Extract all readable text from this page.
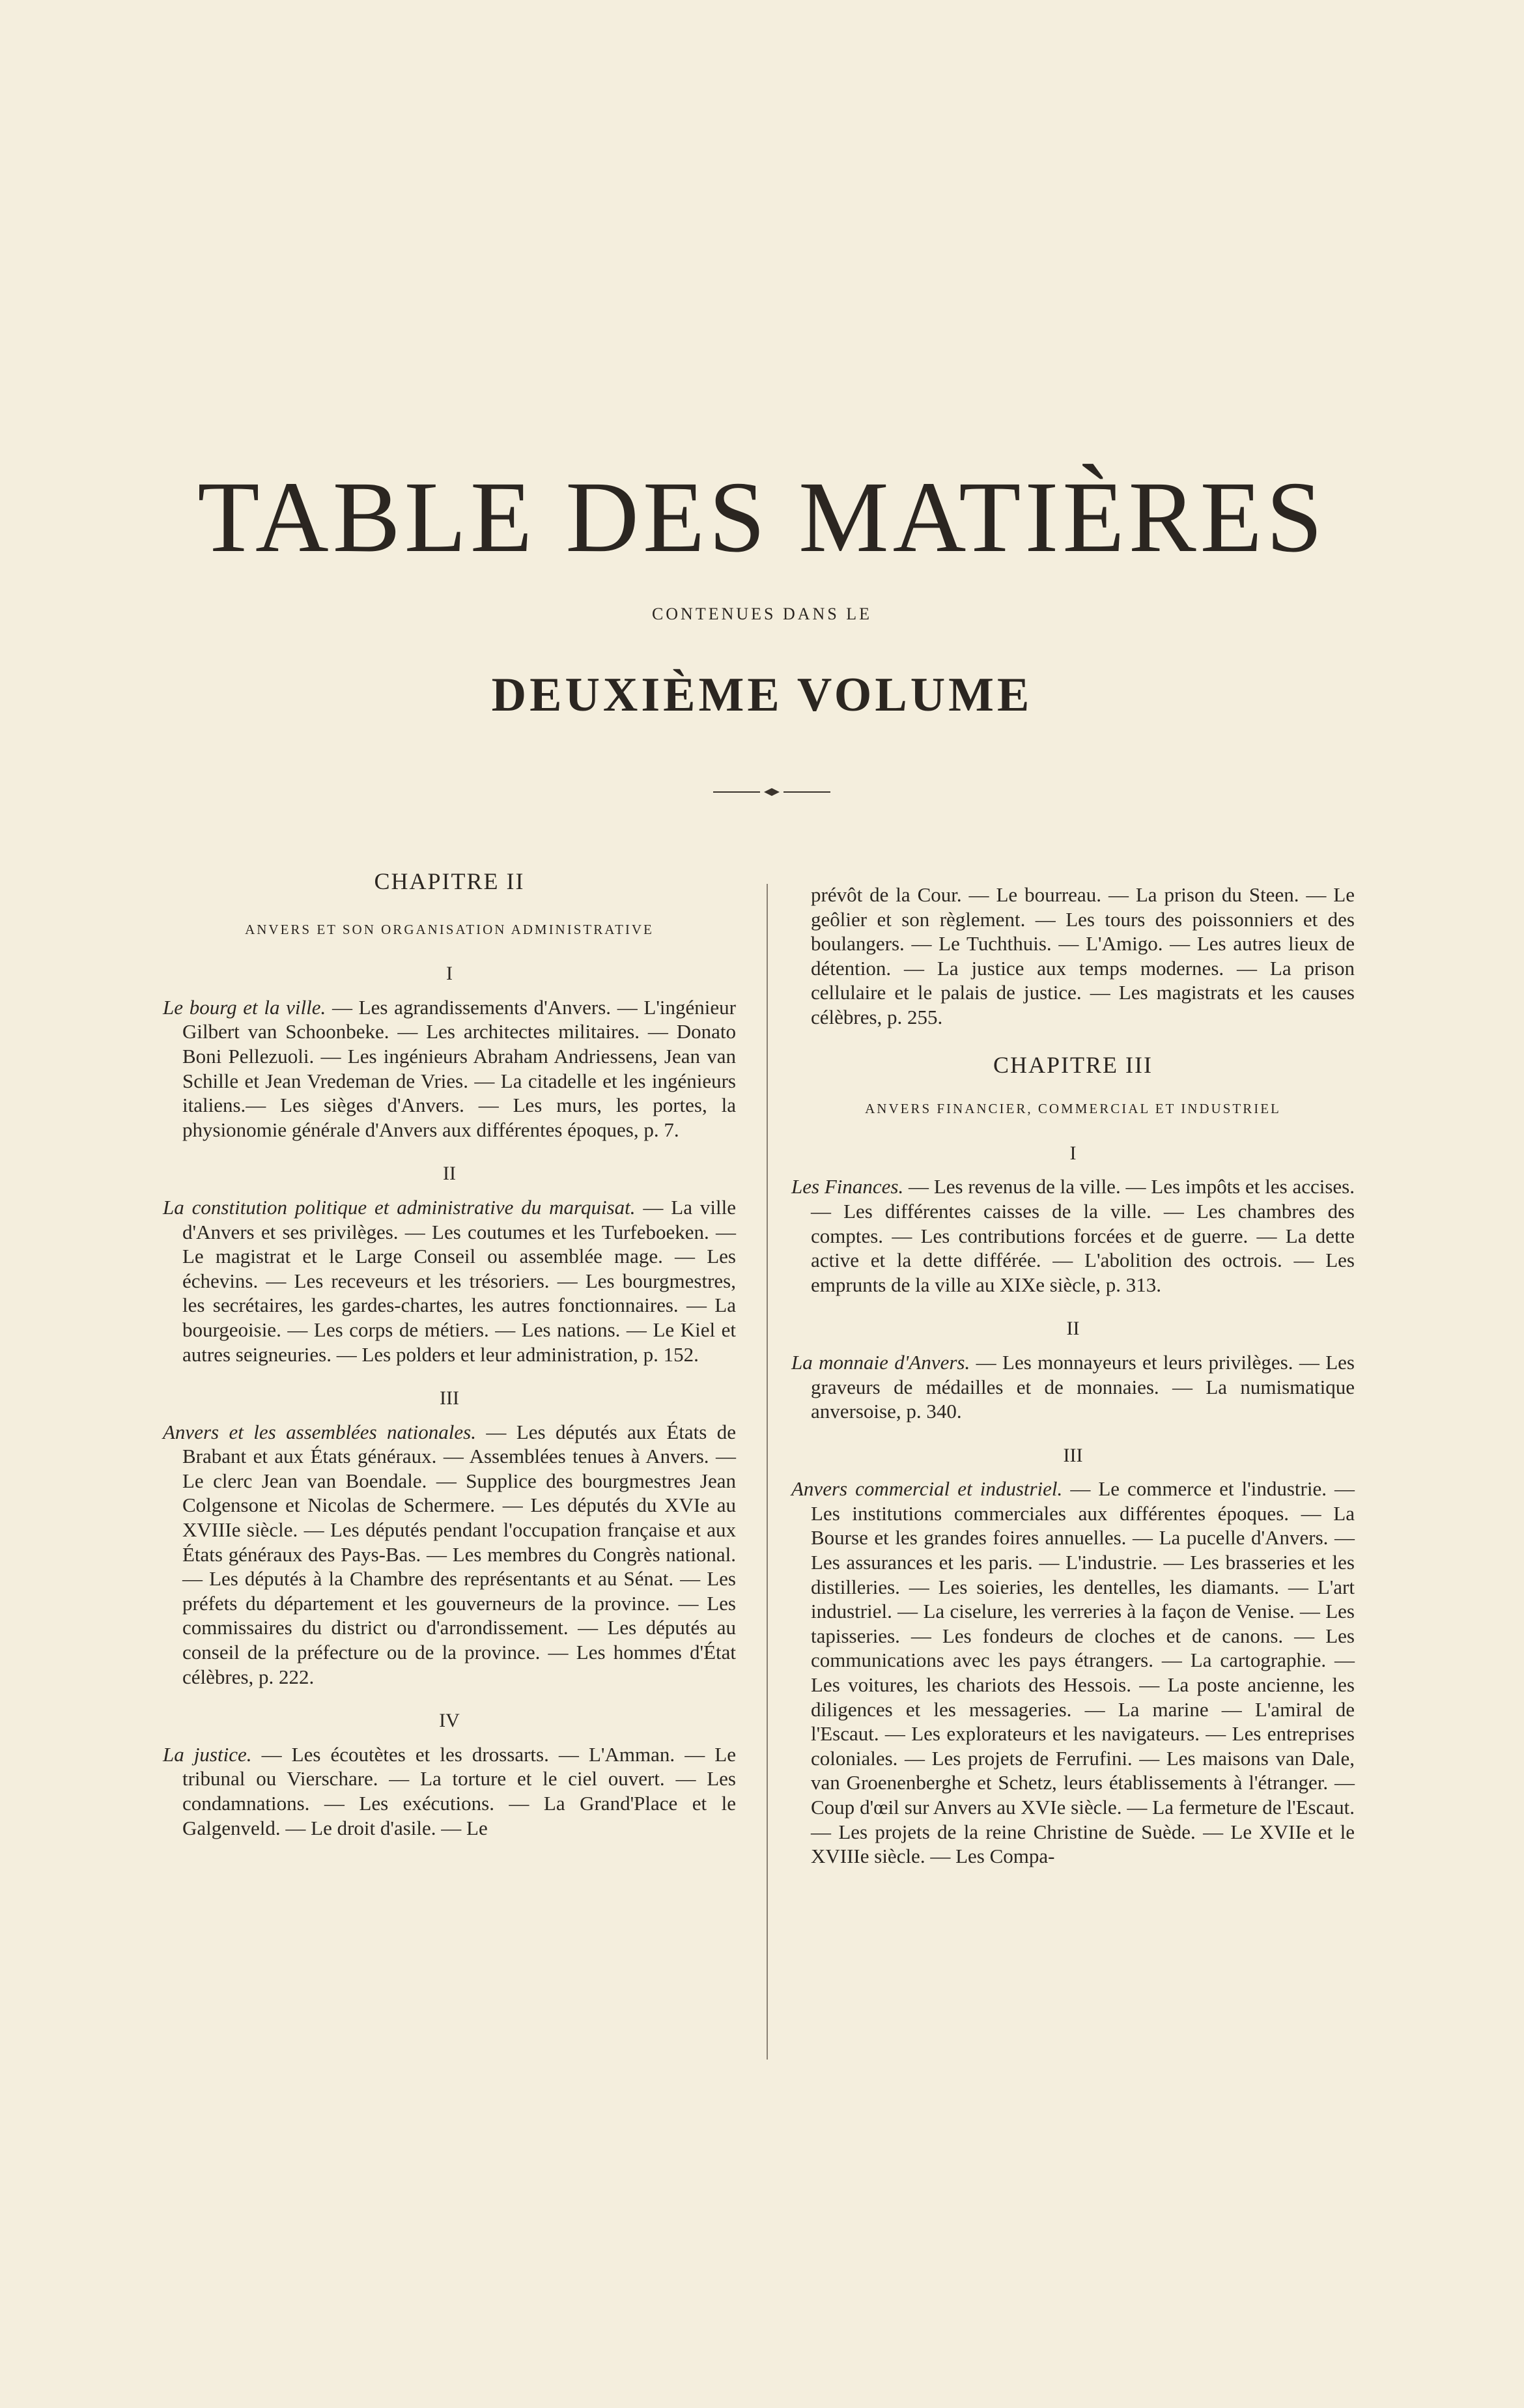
TABLE DES MATIÈRES

CONTENUES DANS LE

DEUXIÈME VOLUME

CHAPITRE II

ANVERS ET SON ORGANISATION ADMINISTRATIVE

I

Le bourg et la ville. — Les agrandissements d'Anvers. — L'ingénieur Gilbert van Schoonbeke. — Les architectes militaires. — Donato Boni Pellezuoli. — Les ingénieurs Abraham Andriessens, Jean van Schille et Jean Vredeman de Vries. — La citadelle et les ingénieurs italiens.— Les sièges d'Anvers. — Les murs, les portes, la physionomie générale d'Anvers aux différentes époques, p. 7.

II

La constitution politique et administrative du marquisat. — La ville d'Anvers et ses privilèges. — Les coutumes et les Turfeboeken. — Le magistrat et le Large Conseil ou assemblée mage. — Les échevins. — Les receveurs et les trésoriers. — Les bourgmestres, les secrétaires, les gardes-chartes, les autres fonctionnaires. — La bourgeoisie. — Les corps de métiers. — Les nations. — Le Kiel et autres seigneuries. — Les polders et leur administration, p. 152.

III

Anvers et les assemblées nationales. — Les députés aux États de Brabant et aux États généraux. — Assemblées tenues à Anvers. — Le clerc Jean van Boendale. — Supplice des bourgmestres Jean Colgensone et Nicolas de Schermere. — Les députés du XVIe au XVIIIe siècle. — Les députés pendant l'occupation française et aux États généraux des Pays-Bas. — Les membres du Congrès national. — Les députés à la Chambre des représentants et au Sénat. — Les préfets du département et les gouverneurs de la province. — Les commissaires du district ou d'arrondissement. — Les députés au conseil de la préfecture ou de la province. — Les hommes d'État célèbres, p. 222.

IV

La justice. — Les écoutètes et les drossarts. — L'Amman. — Le tribunal ou Vierschare. — La torture et le ciel ouvert. — Les condamnations. — Les exécutions. — La Grand'Place et le Galgenveld. — Le droit d'asile. — Le

prévôt de la Cour. — Le bourreau. — La prison du Steen. — Le geôlier et son règlement. — Les tours des poissonniers et des boulangers. — Le Tuchthuis. — L'Amigo. — Les autres lieux de détention. — La justice aux temps modernes. — La prison cellulaire et le palais de justice. — Les magistrats et les causes célèbres, p. 255.

CHAPITRE III

ANVERS FINANCIER, COMMERCIAL ET INDUSTRIEL

I

Les Finances. — Les revenus de la ville. — Les impôts et les accises. — Les différentes caisses de la ville. — Les chambres des comptes. — Les contributions forcées et de guerre. — La dette active et la dette différée. — L'abolition des octrois. — Les emprunts de la ville au XIXe siècle, p. 313.

II

La monnaie d'Anvers. — Les monnayeurs et leurs privilèges. — Les graveurs de médailles et de monnaies. — La numismatique anversoise, p. 340.

III

Anvers commercial et industriel. — Le commerce et l'industrie. — Les institutions commerciales aux différentes époques. — La Bourse et les grandes foires annuelles. — La pucelle d'Anvers. — Les assurances et les paris. — L'industrie. — Les brasseries et les distilleries. — Les soieries, les dentelles, les diamants. — L'art industriel. — La ciselure, les verreries à la façon de Venise. — Les tapisseries. — Les fondeurs de cloches et de canons. — Les communications avec les pays étrangers. — La cartographie. — Les voitures, les chariots des Hessois. — La poste ancienne, les diligences et les messageries. — La marine — L'amiral de l'Escaut. — Les explorateurs et les navigateurs. — Les entreprises coloniales. — Les projets de Ferrufini. — Les maisons van Dale, van Groenenberghe et Schetz, leurs établissements à l'étranger. — Coup d'œil sur Anvers au XVIe siècle. — La fermeture de l'Escaut. — Les projets de la reine Christine de Suède. — Le XVIIe et le XVIIIe siècle. — Les Compa-
